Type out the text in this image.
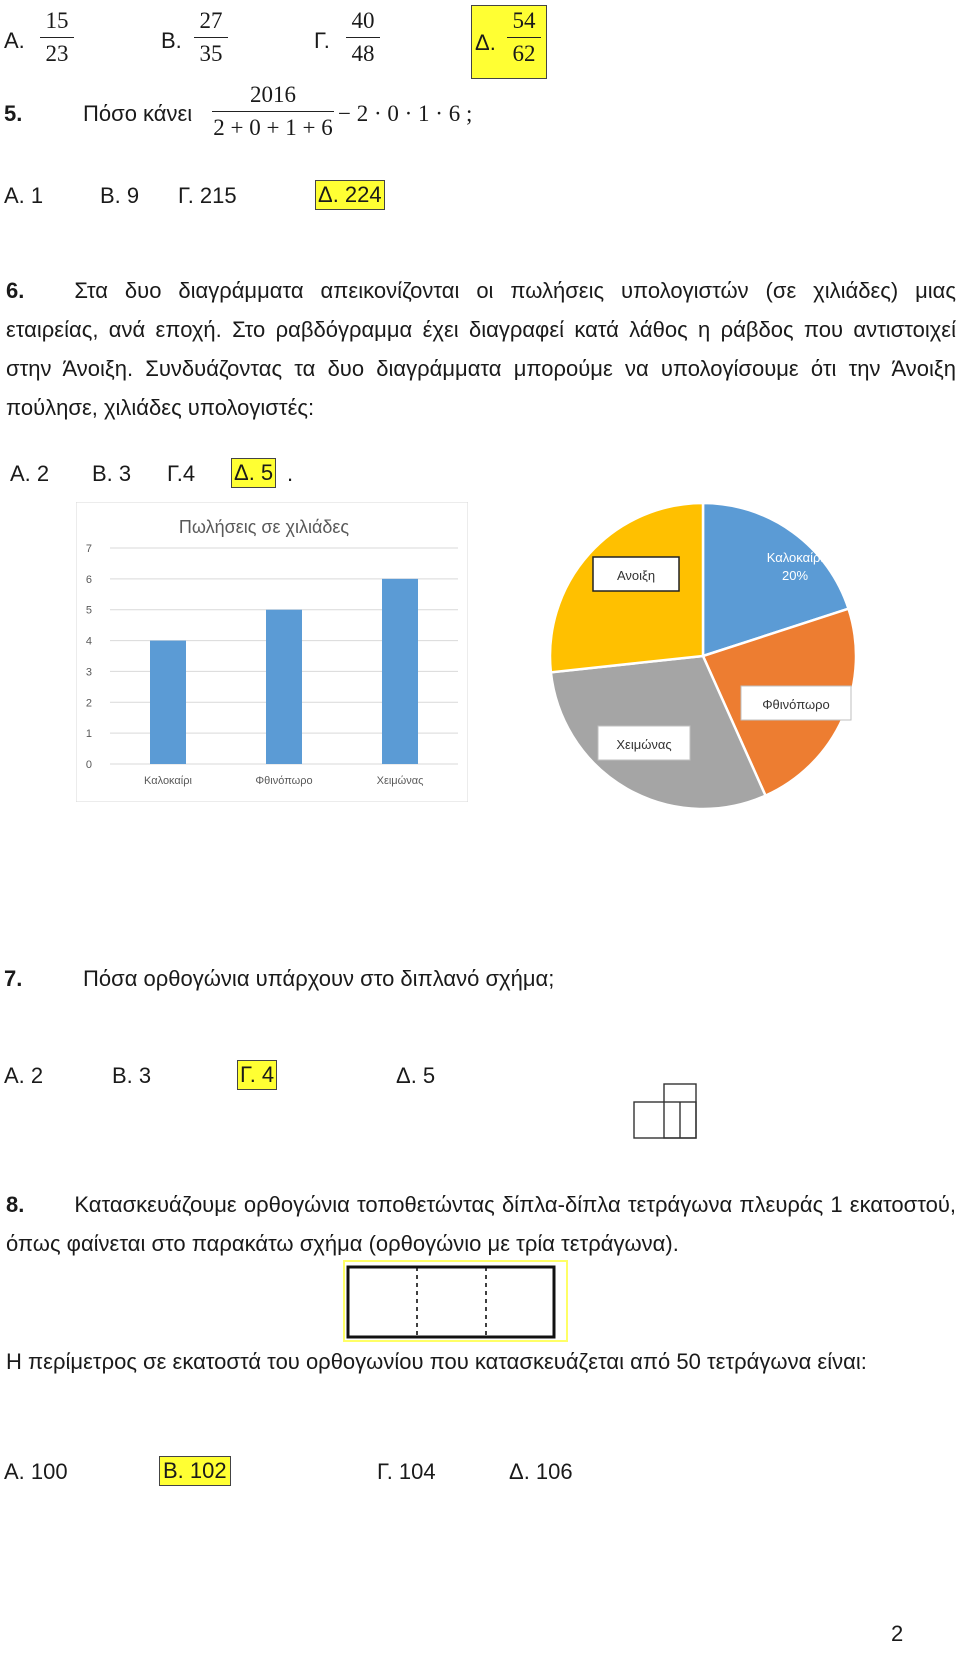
Α. $\frac{15}{23}$	Β. $\frac{27}{35}$	Γ. $\frac{40}{48}$	Δ. $\frac{54}{62}$
5.	Πόσο κάνει $\frac{2016}{2 + 0 + 1 + 6} - 2 \cdot 0 \cdot 1 \cdot 6$ ;
Α. 1	Β. 9 Γ. 215	Δ. 224
6. Στα δυο διαγράμματα απεικονίζονται οι πωλήσεις υπολογιστών (σε χιλιάδες) μιας εταιρείας, ανά εποχή. Στο ραβδόγραμμα έχει διαγραφεί κατά λάθος η ράβδος που αντιστοιχεί στην Άνοιξη. Συνδυάζοντας τα δυο διαγράμματα μπορούμε να υπολογίσουμε ότι την Άνοιξη πούλησε, χιλιάδες υπολογιστές:
Α. 2 Β. 3 Γ.4 Δ. 5 .
Πωλήσεις σε χιλιάδες
0
1
2
3
4
5
6
7
Καλοκαίρι	Φθινόπωρο	Χειμώνας
Ανοιξη
Καλοκαίρι
20%
Φθινόπωρο
Χειμώνας
7.	Πόσα ορθογώνια υπάρχουν στο διπλανό σχήμα;
Α. 2	Β. 3	Γ. 4	Δ. 5
8. Κατασκευάζουμε ορθογώνια τοποθετώντας δίπλα-δίπλα τετράγωνα πλευράς 1 εκατοστού, όπως φαίνεται στο παρακάτω σχήμα (ορθογώνιο με τρία τετράγωνα).
Η περίμετρος σε εκατοστά του ορθογωνίου που κατασκευάζεται από 50 τετράγωνα είναι:
Α. 100	Β. 102	Γ. 104	Δ. 106
2
